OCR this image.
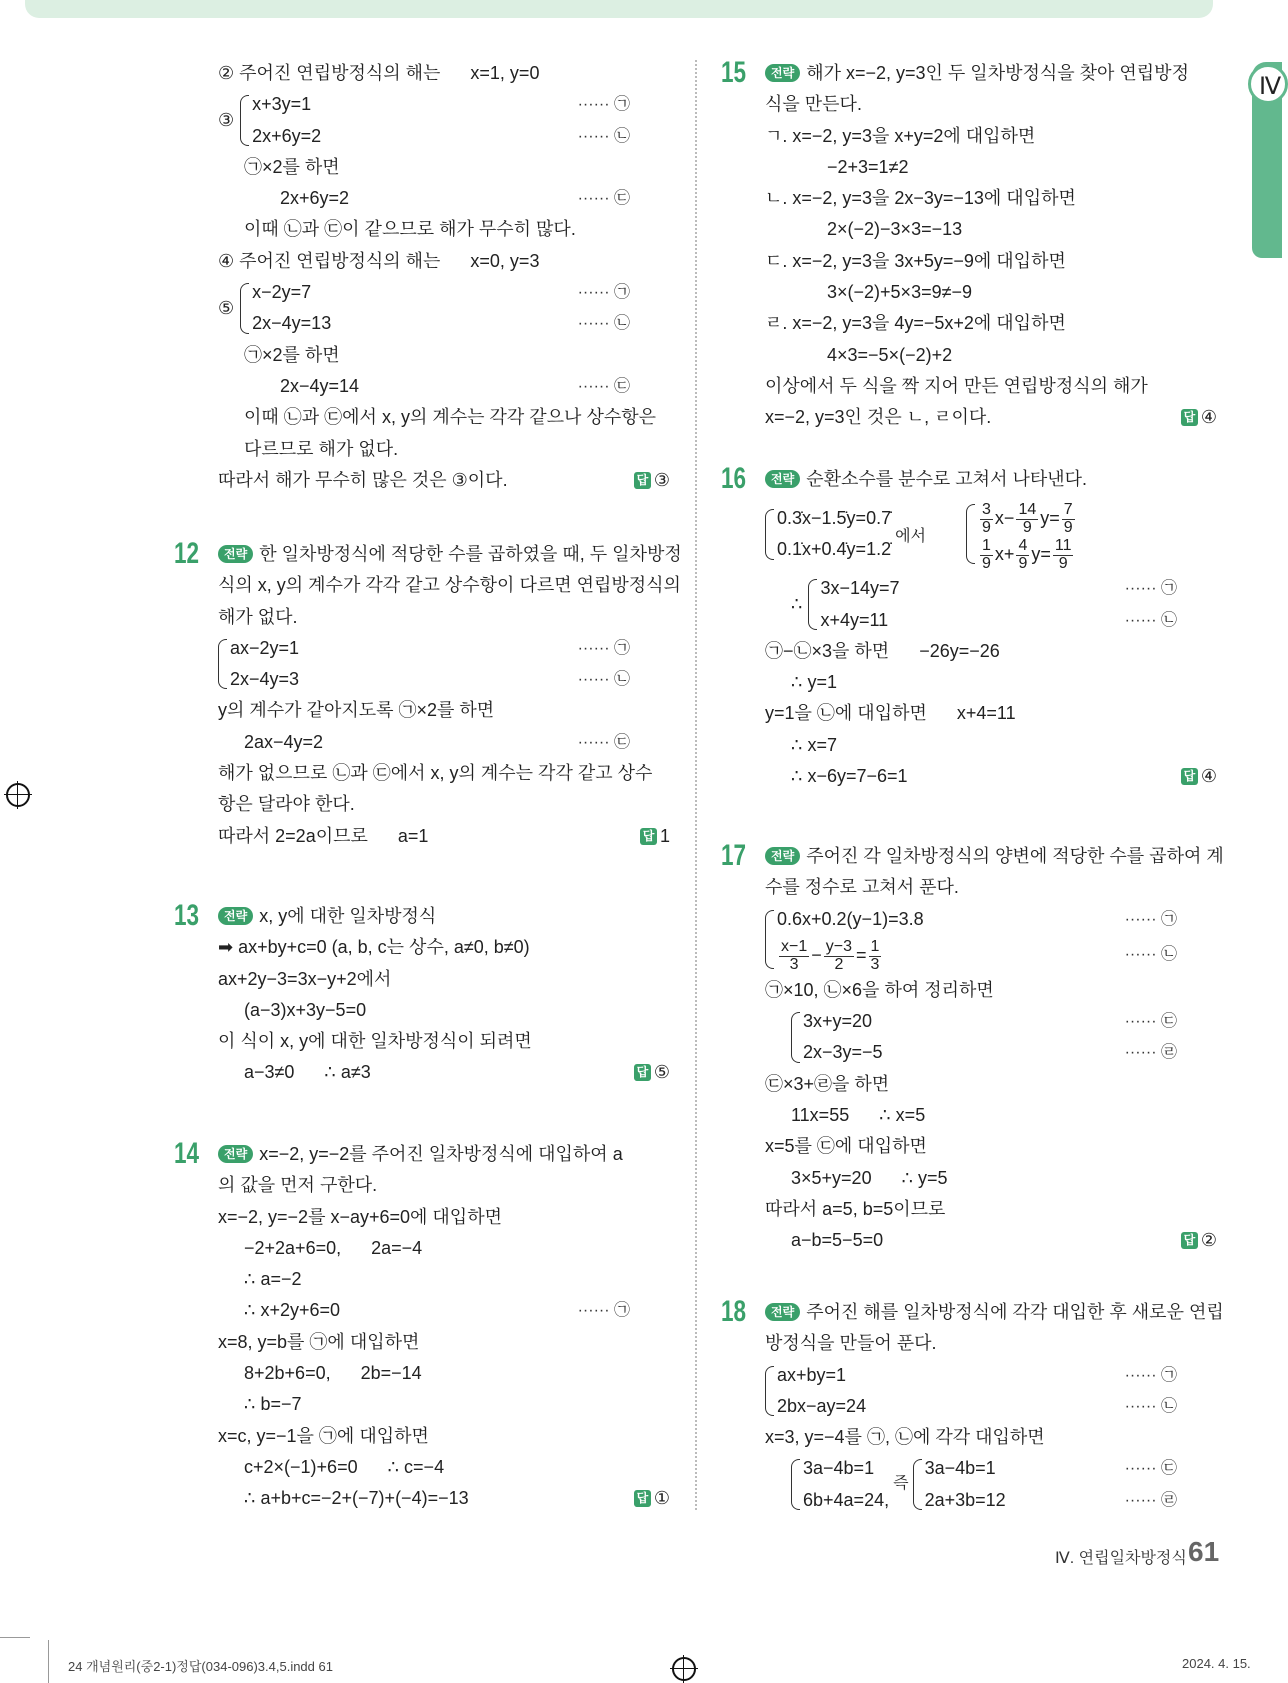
Ⅳ
② 주어진 연립방정식의 해는      x=1, y=0
③
x+3y=1	······ ㉠
2x+6y=2	······ ㉡
㉠×2를 하면
2x+6y=2	······ ㉢
이때 ㉡과 ㉢이 같으므로 해가 무수히 많다.
④ 주어진 연립방정식의 해는      x=0, y=3
⑤
x−2y=7	······ ㉠
2x−4y=13	······ ㉡
㉠×2를 하면
2x−4y=14	······ ㉢
이때 ㉡과 ㉢에서 x, y의 계수는 각각 같으나 상수항은
다르므로 해가 없다.
따라서 해가 무수히 많은 것은 ③이다.	답 ③
12	전략 한 일차방정식에 적당한 수를 곱하였을 때, 두 일차방정
식의 x, y의 계수가 각각 같고 상수항이 다르면 연립방정식의
해가 없다.
ax−2y=1	······ ㉠
2x−4y=3	······ ㉡
y의 계수가 같아지도록 ㉠×2를 하면
2ax−4y=2	······ ㉢
해가 없으므로 ㉡과 ㉢에서 x, y의 계수는 각각 같고 상수
항은 달라야 한다.
따라서 2=2a이므로      a=1	답 1
13	전략 x, y에 대한 일차방정식
➡ ax+by+c=0 (a, b, c는 상수, a≠0, b≠0)
ax+2y−3=3x−y+2에서
(a−3)x+3y−5=0
이 식이 x, y에 대한 일차방정식이 되려면
a−3≠0      ∴ a≠3	답 ⑤
14	전략 x=−2, y=−2를 주어진 일차방정식에 대입하여 a
의 값을 먼저 구한다.
x=−2, y=−2를 x−ay+6=0에 대입하면
−2+2a+6=0,      2a=−4
∴ a=−2
∴ x+2y+6=0	······ ㉠
x=8, y=b를 ㉠에 대입하면
8+2b+6=0,      2b=−14
∴ b=−7
x=c, y=−1을 ㉠에 대입하면
c+2×(−1)+6=0      ∴ c=−4
∴ a+b+c=−2+(−7)+(−4)=−13	답 ①
15	전략 해가 x=−2, y=3인 두 일차방정식을 찾아 연립방정
식을 만든다.
ㄱ. x=−2, y=3을 x+y=2에 대입하면
−2+3=1≠2
ㄴ. x=−2, y=3을 2x−3y=−13에 대입하면
2×(−2)−3×3=−13
ㄷ. x=−2, y=3을 3x+5y=−9에 대입하면
3×(−2)+5×3=9≠−9
ㄹ. x=−2, y=3을 4y=−5x+2에 대입하면
4×3=−5×(−2)+2
이상에서 두 식을 짝 지어 만든 연립방정식의 해가
x=−2, y=3인 것은 ㄴ, ㄹ이다.	답 ④
16	전략 순환소수를 분수로 고쳐서 나타낸다.
0.3̇x−1.5̇y=0.7̇
0.1̇x+0.4̇y=1.2̇
에서	$\frac{3}{9} x- \frac{14}{9} y= \frac{7}{9}$
$\frac{1}{9} x+ \frac{4}{9} y= \frac{11}{9}$
∴
3x−14y=7	······ ㉠
x+4y=11	······ ㉡
㉠−㉡×3을 하면      −26y=−26
∴ y=1
y=1을 ㉡에 대입하면      x+4=11
∴ x=7
∴ x−6y=7−6=1	답 ④
17	전략 주어진 각 일차방정식의 양변에 적당한 수를 곱하여 계
수를 정수로 고쳐서 푼다.
0.6x+0.2(y−1)=3.8	······ ㉠
$\frac{x-1}{3} - \frac{y-3}{2} = \frac{1}{3}$	······ ㉡
㉠×10, ㉡×6을 하여 정리하면
3x+y=20	······ ㉢
2x−3y=−5	······ ㉣
㉢×3+㉣을 하면
11x=55      ∴ x=5
x=5를 ㉢에 대입하면
3×5+y=20      ∴ y=5
따라서 a=5, b=5이므로
a−b=5−5=0	답 ②
18	전략 주어진 해를 일차방정식에 각각 대입한 후 새로운 연립
방정식을 만들어 푼다.
ax+by=1	······ ㉠
2bx−ay=24	······ ㉡
x=3, y=−4를 ㉠, ㉡에 각각 대입하면
3a−4b=1
6b+4a=24,
즉
3a−4b=1	······ ㉢
2a+3b=12	······ ㉣
Ⅳ. 연립일차방정식 61
24 개념원리(중2-1)정답(034-096)3.4,5.indd 61	2024. 4. 15.
